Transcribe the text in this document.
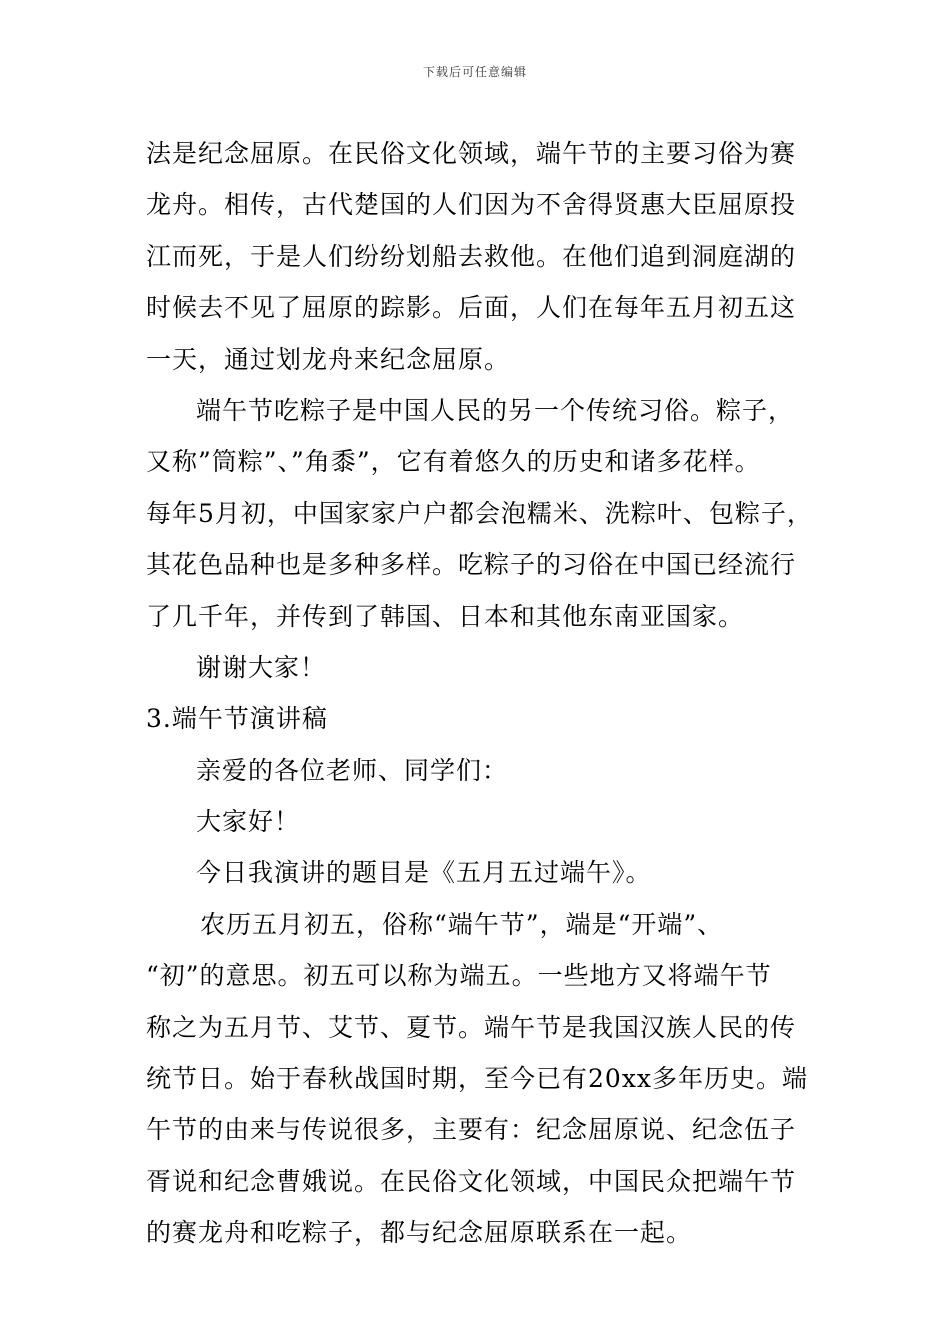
下载后可任意编辑
法是纪念屈原。在民俗文化领域，端午节的主要习俗为赛
龙舟。相传，古代楚国的人们因为不舍得贤惠大臣屈原投
江而死，于是人们纷纷划船去救他。在他们追到洞庭湖的
时候去不见了屈原的踪影。后面，人们在每年五月初五这
一天，通过划龙舟来纪念屈原。
端午节吃粽子是中国人民的另一个传统习俗。粽子，
又称”筒粽”、”角黍”，它有着悠久的历史和诸多花样。
每年5月初，中国家家户户都会泡糯米、洗粽叶、包粽子，
其花色品种也是多种多样。吃粽子的习俗在中国已经流行
了几千年，并传到了韩国、日本和其他东南亚国家。
谢谢大家！
3.端午节演讲稿
亲爱的各位老师、同学们：
大家好！
今日我演讲的题目是《五月五过端午》。
农历五月初五，俗称“端午节”，端是“开端”、
“初”的意思。初五可以称为端五。一些地方又将端午节
称之为五月节、艾节、夏节。端午节是我国汉族人民的传
统节日。始于春秋战国时期，至今已有20xx多年历史。端
午节的由来与传说很多，主要有：纪念屈原说、纪念伍子
胥说和纪念曹娥说。在民俗文化领域，中国民众把端午节
的赛龙舟和吃粽子，都与纪念屈原联系在一起。
